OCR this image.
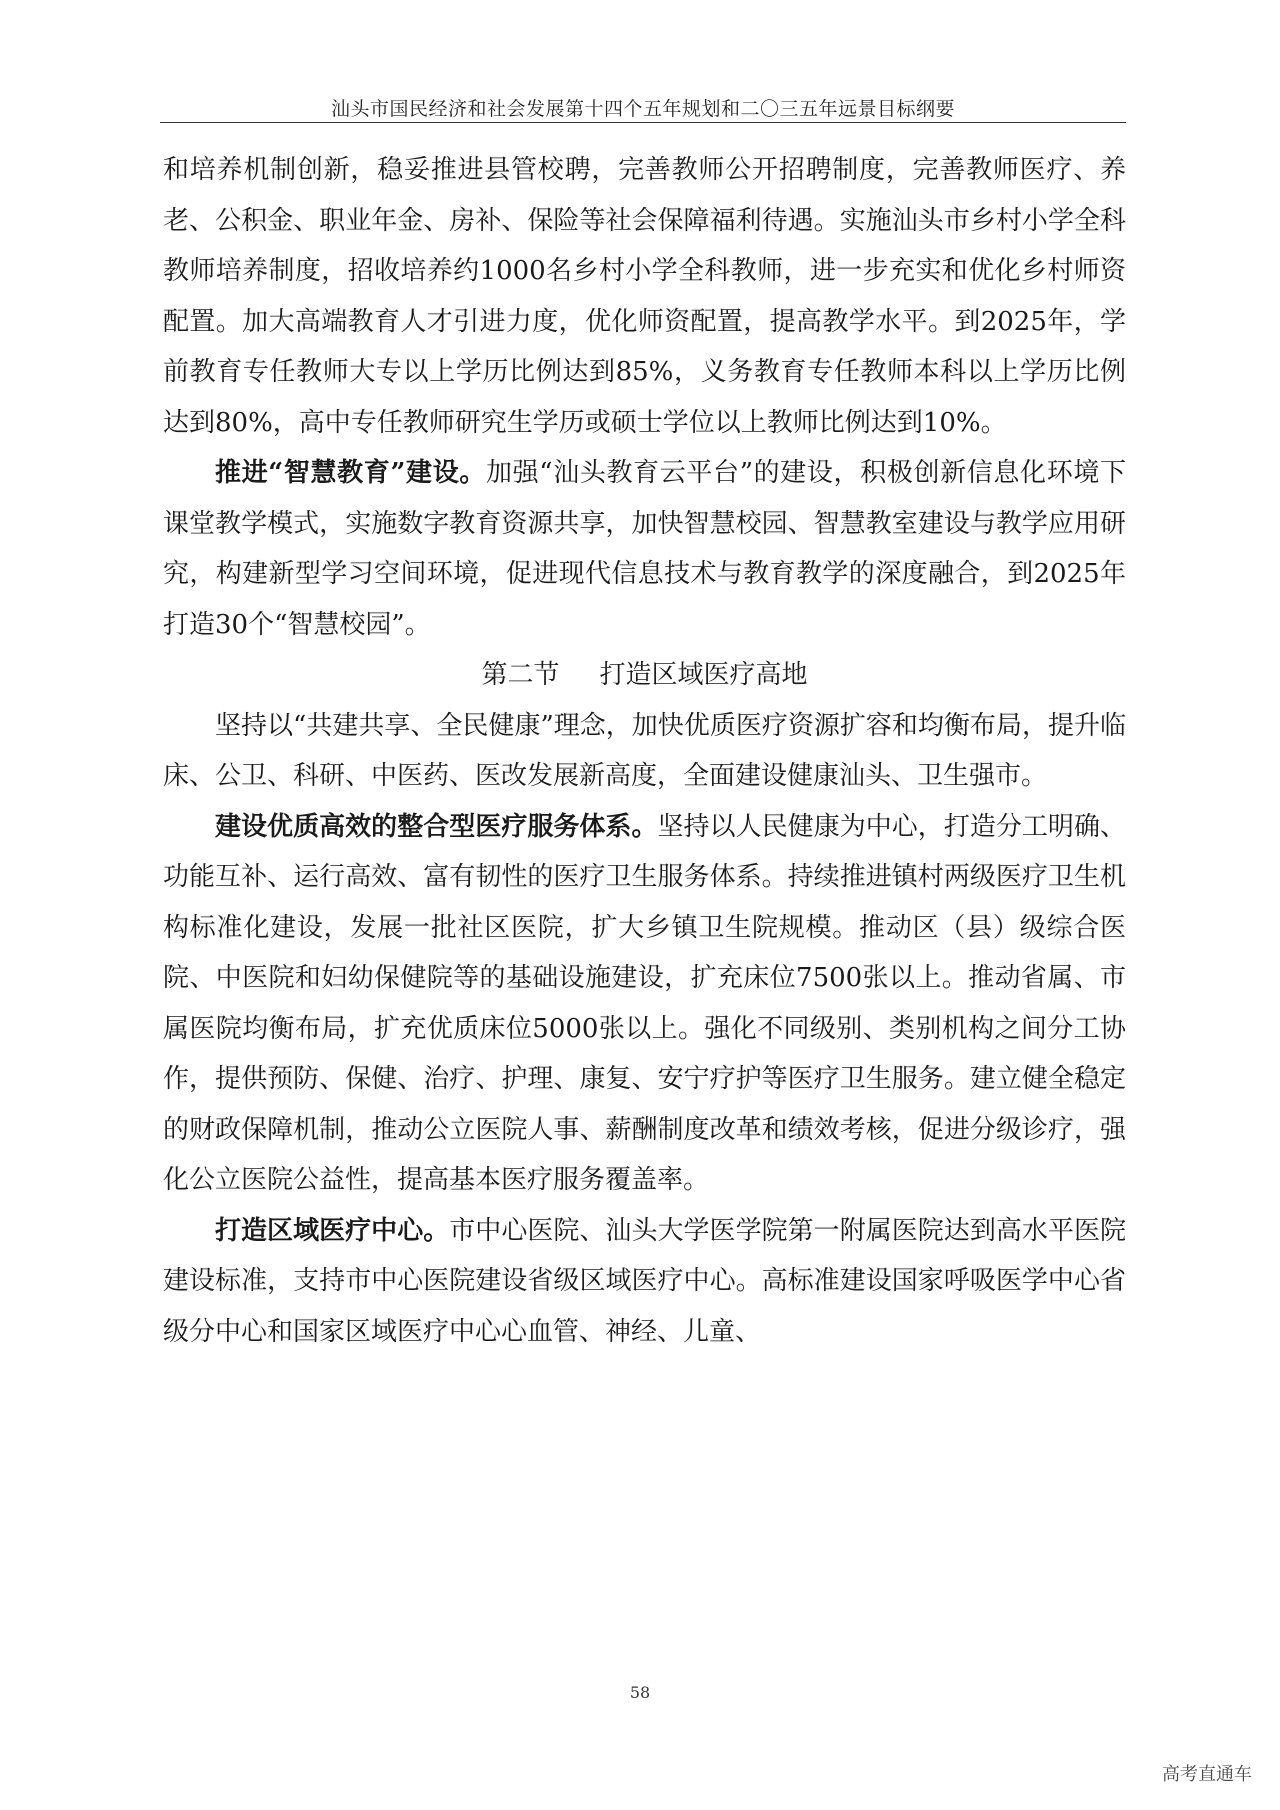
汕头市国民经济和社会发展第十四个五年规划和二〇三五年远景目标纲要

和培养机制创新，稳妥推进县管校聘，完善教师公开招聘制度，完善教师医疗、养老、公积金、职业年金、房补、保险等社会保障福利待遇。实施汕头市乡村小学全科教师培养制度，招收培养约1000名乡村小学全科教师，进一步充实和优化乡村师资配置。加大高端教育人才引进力度，优化师资配置，提高教学水平。到2025年，学前教育专任教师大专以上学历比例达到85%，义务教育专任教师本科以上学历比例达到80%，高中专任教师研究生学历或硕士学位以上教师比例达到10%。

推进“智慧教育”建设。加强“汕头教育云平台”的建设，积极创新信息化环境下课堂教学模式，实施数字教育资源共享，加快智慧校园、智慧教室建设与教学应用研究，构建新型学习空间环境，促进现代信息技术与教育教学的深度融合，到2025年打造30个“智慧校园”。

第二节 打造区域医疗高地

坚持以“共建共享、全民健康”理念，加快优质医疗资源扩容和均衡布局，提升临床、公卫、科研、中医药、医改发展新高度，全面建设健康汕头、卫生强市。

建设优质高效的整合型医疗服务体系。坚持以人民健康为中心，打造分工明确、功能互补、运行高效、富有韧性的医疗卫生服务体系。持续推进镇村两级医疗卫生机构标准化建设，发展一批社区医院，扩大乡镇卫生院规模。推动区（县）级综合医院、中医院和妇幼保健院等的基础设施建设，扩充床位7500张以上。推动省属、市属医院均衡布局，扩充优质床位5000张以上。强化不同级别、类别机构之间分工协作，提供预防、保健、治疗、护理、康复、安宁疗护等医疗卫生服务。建立健全稳定的财政保障机制，推动公立医院人事、薪酬制度改革和绩效考核，促进分级诊疗，强化公立医院公益性，提高基本医疗服务覆盖率。

打造区域医疗中心。市中心医院、汕头大学医学院第一附属医院达到高水平医院建设标准，支持市中心医院建设省级区域医疗中心。高标准建设国家呼吸医学中心省级分中心和国家区域医疗中心心血管、神经、儿童、

58
高考直通车
